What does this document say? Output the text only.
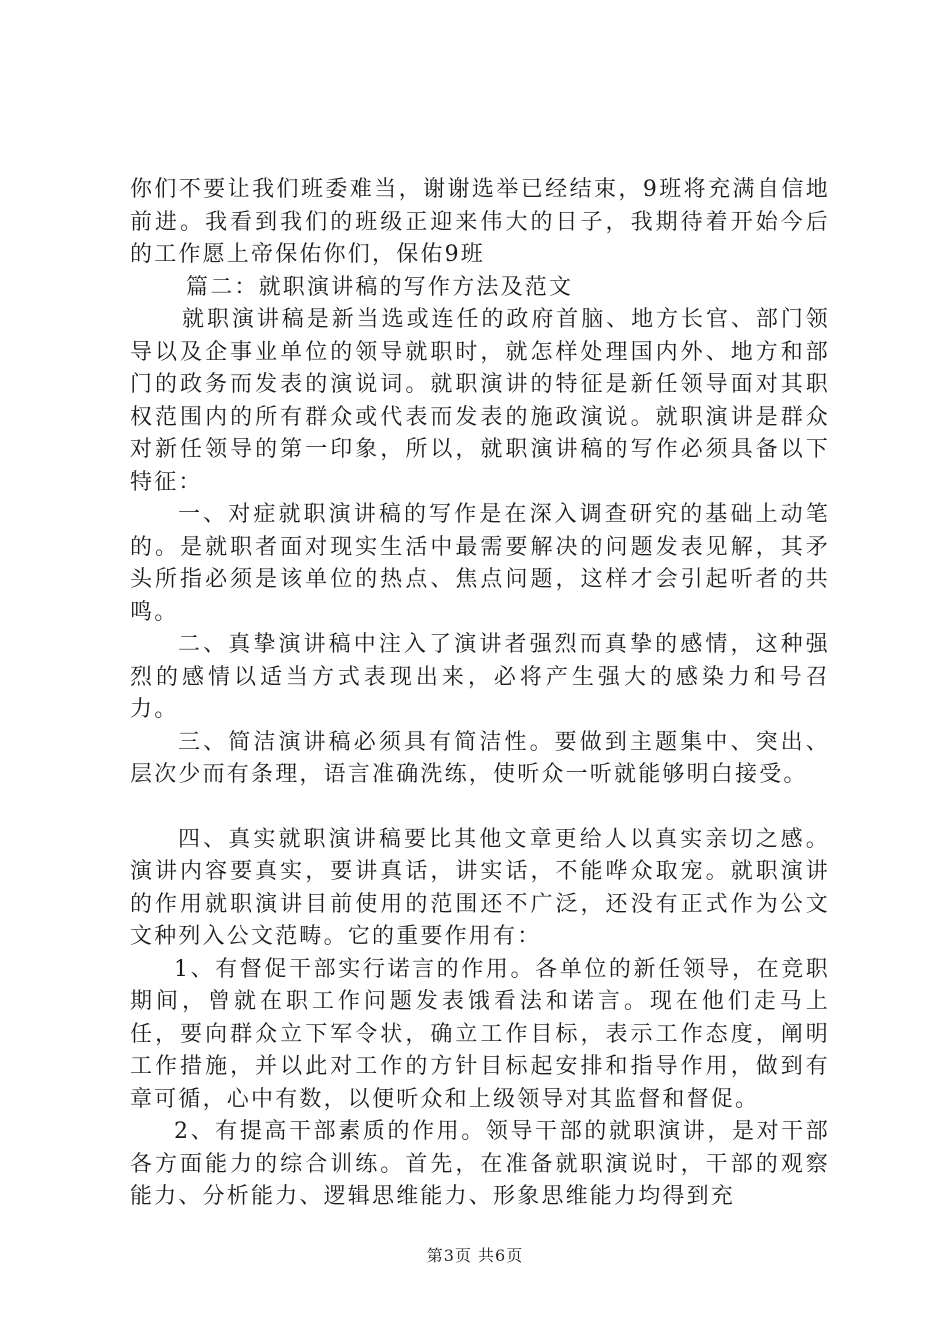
你们不要让我们班委难当，谢谢选举已经结束，9班将充满自信地前进。我看到我们的班级正迎来伟大的日子，我期待着开始今后的工作愿上帝保佑你们，保佑9班

篇二：就职演讲稿的写作方法及范文

就职演讲稿是新当选或连任的政府首脑、地方长官、部门领导以及企事业单位的领导就职时，就怎样处理国内外、地方和部门的政务而发表的演说词。就职演讲的特征是新任领导面对其职权范围内的所有群众或代表而发表的施政演说。就职演讲是群众对新任领导的第一印象，所以，就职演讲稿的写作必须具备以下特征：

一、对症就职演讲稿的写作是在深入调查研究的基础上动笔的。是就职者面对现实生活中最需要解决的问题发表见解，其矛头所指必须是该单位的热点、焦点问题，这样才会引起听者的共鸣。

二、真挚演讲稿中注入了演讲者强烈而真挚的感情，这种强烈的感情以适当方式表现出来，必将产生强大的感染力和号召力。

三、简洁演讲稿必须具有简洁性。要做到主题集中、突出、层次少而有条理，语言准确洗练，使听众一听就能够明白接受。

四、真实就职演讲稿要比其他文章更给人以真实亲切之感。演讲内容要真实，要讲真话，讲实话，不能哗众取宠。就职演讲的作用就职演讲目前使用的范围还不广泛，还没有正式作为公文文种列入公文范畴。它的重要作用有：

1、有督促干部实行诺言的作用。各单位的新任领导，在竞职期间，曾就在职工作问题发表饿看法和诺言。现在他们走马上任，要向群众立下军令状，确立工作目标，表示工作态度，阐明工作措施，并以此对工作的方针目标起安排和指导作用，做到有章可循，心中有数，以便听众和上级领导对其监督和督促。

2、有提高干部素质的作用。领导干部的就职演讲，是对干部各方面能力的综合训练。首先，在准备就职演说时，干部的观察能力、分析能力、逻辑思维能力、形象思维能力均得到充

第3页 共6页
